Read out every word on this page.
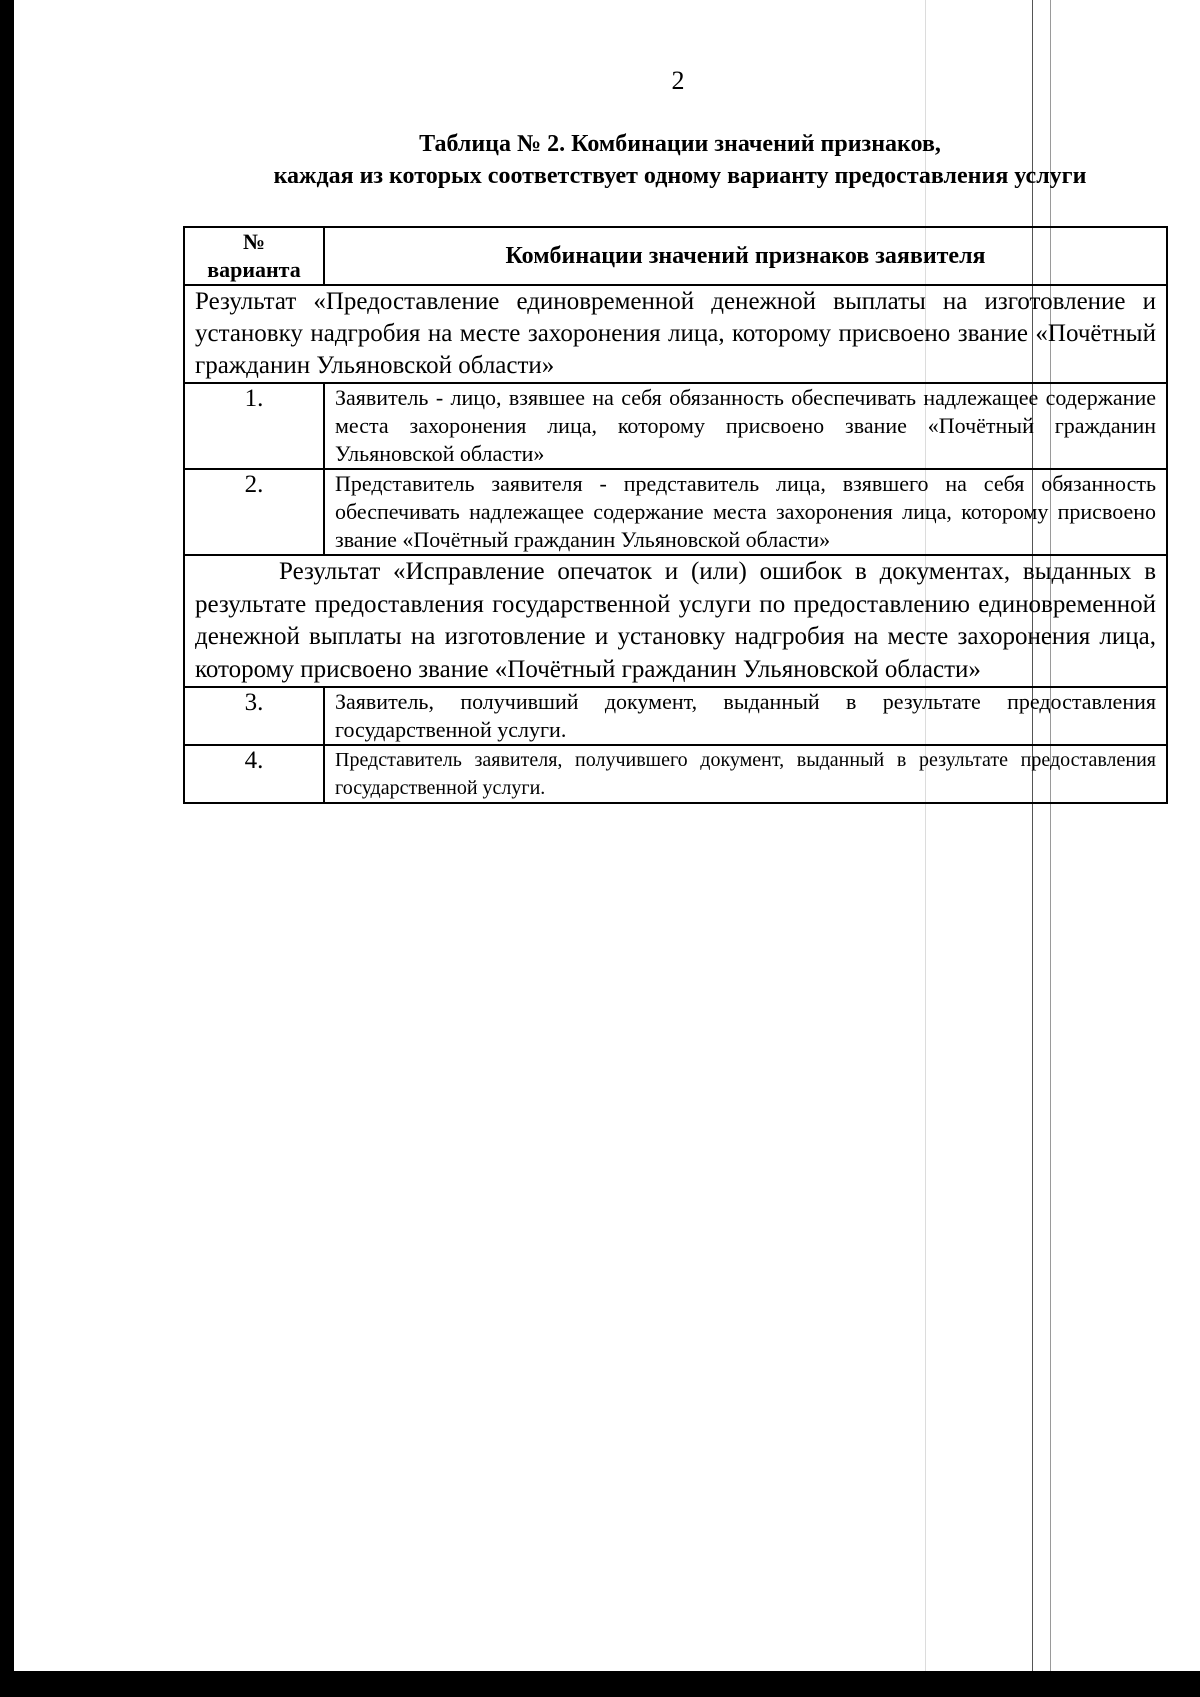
2
Таблица № 2. Комбинации значений признаков,
каждая из которых соответствует одному варианту предоставления услуги
№
варианта	Комбинации значений признаков заявителя
Результат «Предоставление единовременной денежной выплаты на изготовление и установку надгробия на месте захоронения лица, которому присвоено звание «Почётный гражданин Ульяновской области»	
1.	Заявитель - лицо, взявшее на себя обязанность обеспечивать надлежащее содержание места захоронения лица, которому присвоено звание «Почётный гражданин Ульяновской области»
2.	Представитель заявителя - представитель лица, взявшего на себя обязанность обеспечивать надлежащее содержание места захоронения лица, которому присвоено звание «Почётный гражданин Ульяновской области»
Результат «Исправление опечаток и (или) ошибок в документах, выданных в результате предоставления государственной услуги по предоставлению единовременной денежной выплаты на изготовление и установку надгробия на месте захоронения лица, которому присвоено звание «Почётный гражданин Ульяновской области»	
3.	Заявитель, получивший документ, выданный в результате предоставления государственной услуги.
4.	Представитель заявителя, получившего документ, выданный в результате предоставления государственной услуги.
